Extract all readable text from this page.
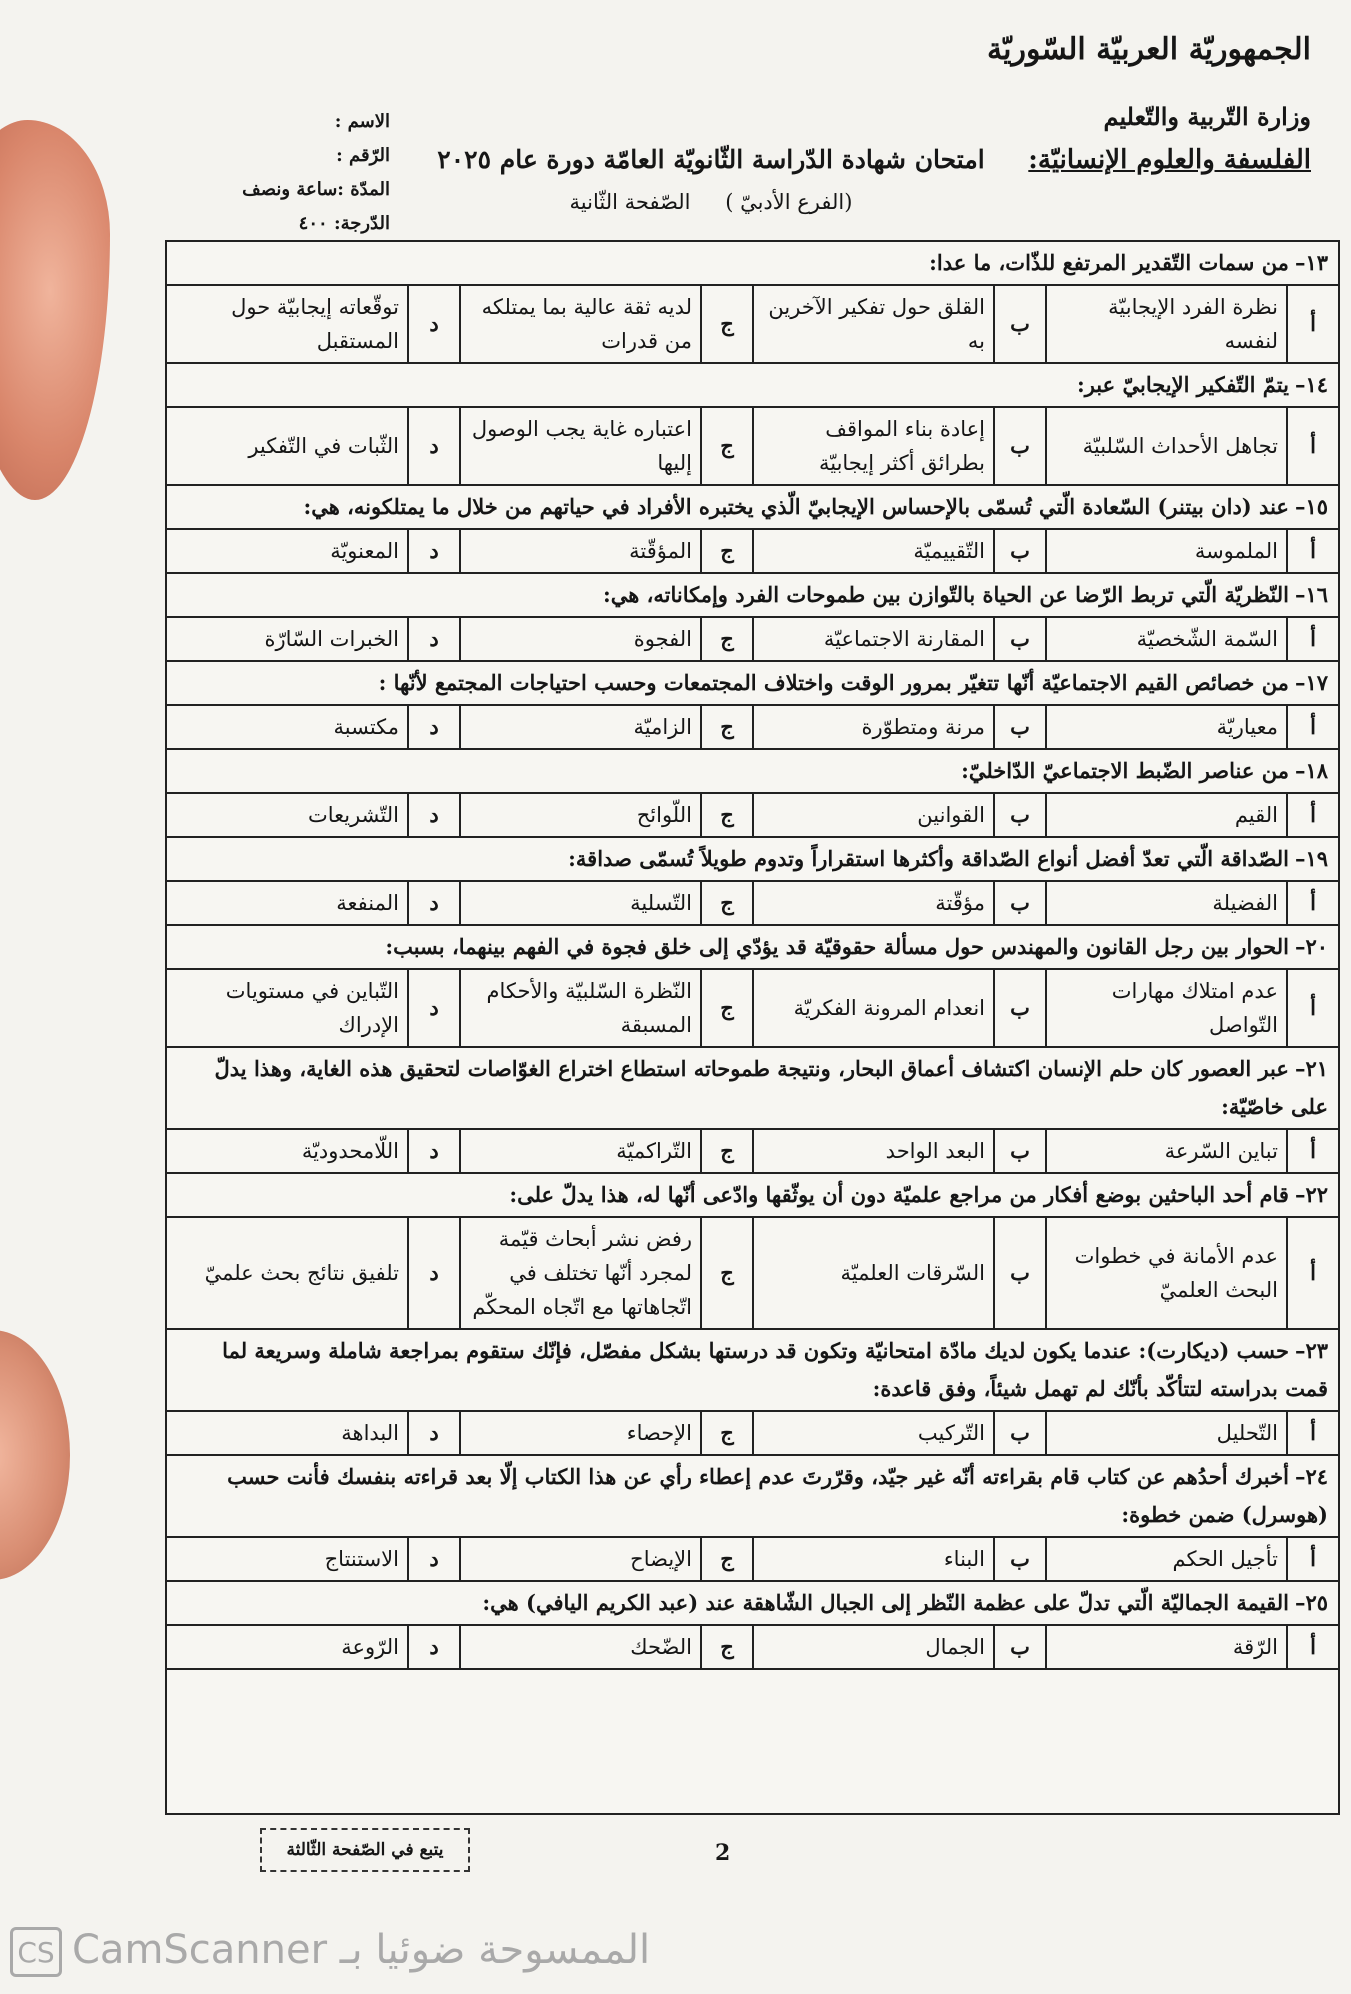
الجمهوريّة العربيّة السّوريّة
وزارة التّربية والتّعليم
الفلسفة والعلوم الإنسانيّة:
امتحان شهادة الدّراسة الثّانويّة العامّة دورة عام ٢٠٢٥
(الفرع الأدبيّ ) الصّفحة الثّانية
الاسم :
الرّقم :
المدّة :ساعة ونصف
الدّرجة: ٤٠٠
١٣–من سمات التّقدير المرتفع للذّات، ما عدا:
أ	نظرة الفرد الإيجابيّة لنفسه	ب	القلق حول تفكير الآخرين به	ج	لديه ثقة عالية بما يمتلكه من قدرات	د	توقّعاته إيجابيّة حول المستقبل
١٤–يتمّ التّفكير الإيجابيّ عبر:
أ	تجاهل الأحداث السّلبيّة	ب	إعادة بناء المواقف بطرائق أكثر إيجابيّة	ج	اعتباره غاية يجب الوصول إليها	د	الثّبات في التّفكير
١٥–عند (دان بيتنر) السّعادة الّتي تُسمّى بالإحساس الإيجابيّ الّذي يختبره الأفراد في حياتهم من خلال ما يمتلكونه، هي:
أ	الملموسة	ب	التّقييميّة	ج	المؤقّتة	د	المعنويّة
١٦–النّظريّة الّتي تربط الرّضا عن الحياة بالتّوازن بين طموحات الفرد وإمكاناته، هي:
أ	السّمة الشّخصيّة	ب	المقارنة الاجتماعيّة	ج	الفجوة	د	الخبرات السّارّة
١٧–من خصائص القيم الاجتماعيّة أنّها تتغيّر بمرور الوقت واختلاف المجتمعات وحسب احتياجات المجتمع لأنّها :
أ	معياريّة	ب	مرنة ومتطوّرة	ج	الزاميّة	د	مكتسبة
١٨–من عناصر الضّبط الاجتماعيّ الدّاخليّ:
أ	القيم	ب	القوانين	ج	اللّوائح	د	التّشريعات
١٩–الصّداقة الّتي تعدّ أفضل أنواع الصّداقة وأكثرها استقراراً وتدوم طويلاً تُسمّى صداقة:
أ	الفضيلة	ب	مؤقّتة	ج	التّسلية	د	المنفعة
٢٠–الحوار بين رجل القانون والمهندس حول مسألة حقوقيّة قد يؤدّي إلى خلق فجوة في الفهم بينهما، بسبب:
أ	عدم امتلاك مهارات التّواصل	ب	انعدام المرونة الفكريّة	ج	النّظرة السّلبيّة والأحكام المسبقة	د	التّباين في مستويات الإدراك
٢١–عبر العصور كان حلم الإنسان اكتشاف أعماق البحار، ونتيجة طموحاته استطاع اختراع الغوّاصات لتحقيق هذه الغاية، وهذا يدلّ على خاصّيّة:
أ	تباين السّرعة	ب	البعد الواحد	ج	التّراكميّة	د	اللّامحدوديّة
٢٢–قام أحد الباحثين بوضع أفكار من مراجع علميّة دون أن يوثّقها وادّعى أنّها له، هذا يدلّ على:
أ	عدم الأمانة في خطوات البحث العلميّ	ب	السّرقات العلميّة	ج	رفض نشر أبحاث قيّمة لمجرد أنّها تختلف في اتّجاهاتها مع اتّجاه المحكّم	د	تلفيق نتائج بحث علميّ
٢٣–حسب (ديكارت): عندما يكون لديك مادّة امتحانيّة وتكون قد درستها بشكل مفصّل، فإنّك ستقوم بمراجعة شاملة وسريعة لما قمت بدراسته لتتأكّد بأنّك لم تهمل شيئاً، وفق قاعدة:
أ	التّحليل	ب	التّركيب	ج	الإحصاء	د	البداهة
٢٤–أخبرك أحدُهم عن كتاب قام بقراءته أنّه غير جيّد، وقرّرتَ عدم إعطاء رأي عن هذا الكتاب إلّا بعد قراءته بنفسك فأنت حسب (هوسرل) ضمن خطوة:
أ	تأجيل الحكم	ب	البناء	ج	الإيضاح	د	الاستنتاج
٢٥–القيمة الجماليّة الّتي تدلّ على عظمة النّظر إلى الجبال الشّاهقة عند (عبد الكريم اليافي) هي:
أ	الرّقة	ب	الجمال	ج	الضّحك	د	الرّوعة
يتبع في الصّفحة الثّالثة	2
CS CamScanner الممسوحة ضوئيا بـ
